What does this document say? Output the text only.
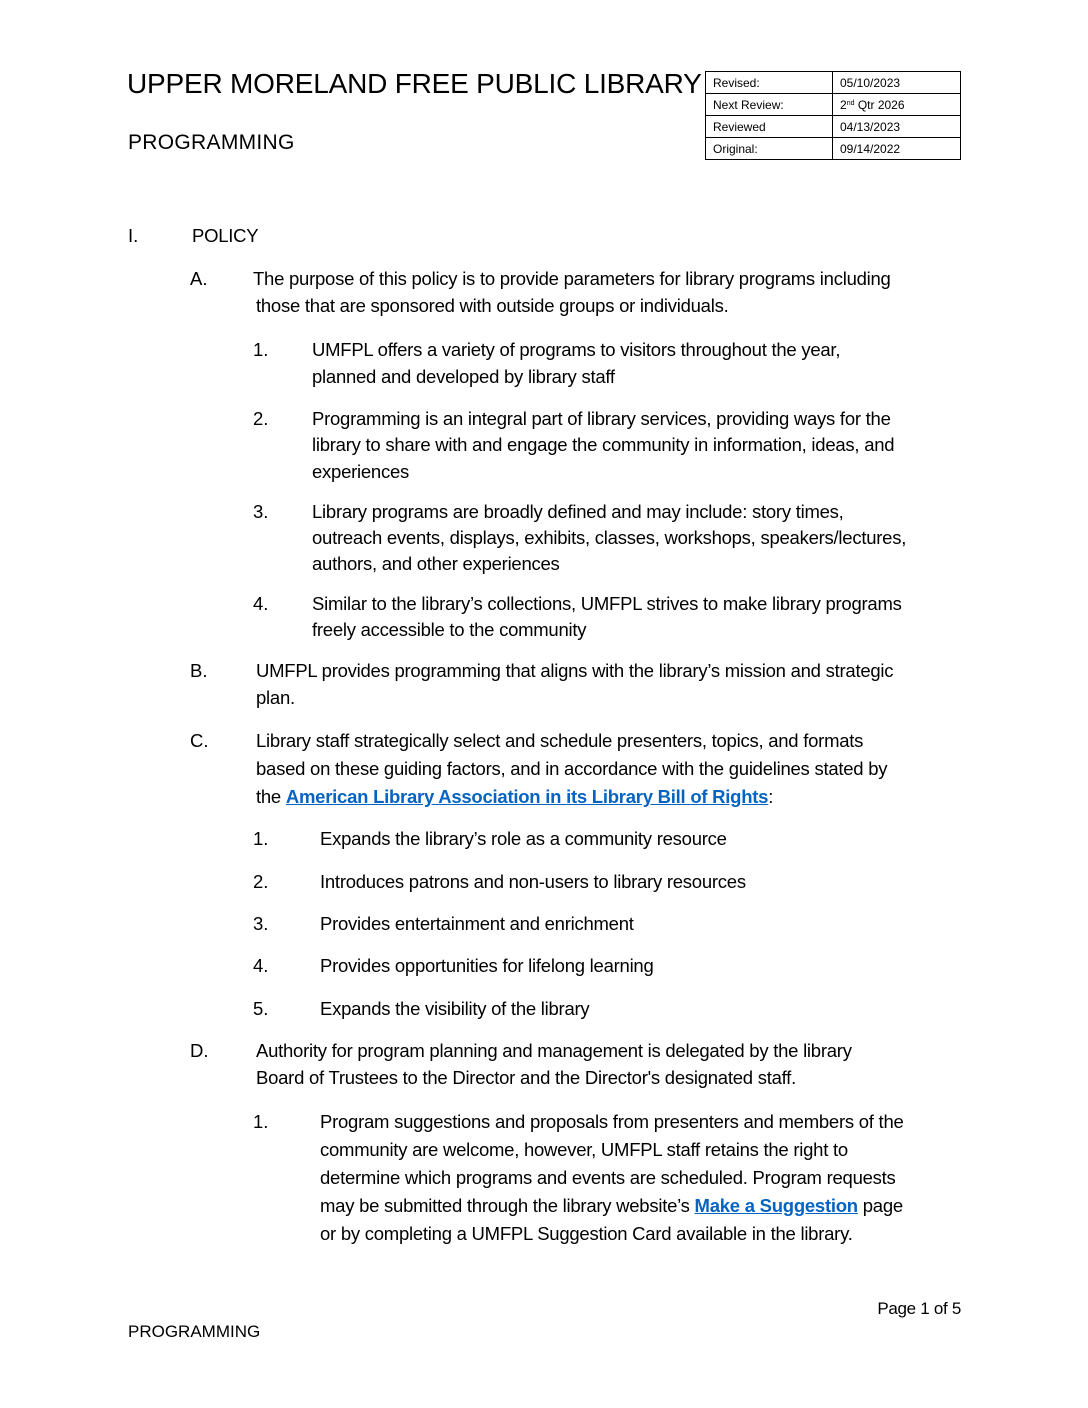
UPPER MORELAND FREE PUBLIC LIBRARY
PROGRAMMING
Revised:	05/10/2023
Next Review:	2nd Qtr 2026
Reviewed	04/13/2023
Original:	09/14/2022
I.	POLICY
A. The purpose of this policy is to provide parameters for library programs including
those that are sponsored with outside groups or individuals.
1. UMFPL offers a variety of programs to visitors throughout the year,
planned and developed by library staff
2. Programming is an integral part of library services, providing ways for the
library to share with and engage the community in information, ideas, and
experiences
3. Library programs are broadly defined and may include: story times,
outreach events, displays, exhibits, classes, workshops, speakers/lectures,
authors, and other experiences
4. Similar to the library’s collections, UMFPL strives to make library programs
freely accessible to the community
B.	UMFPL provides programming that aligns with the library’s mission and strategic
plan.
C.	Library staff strategically select and schedule presenters, topics, and formats
based on these guiding factors, and in accordance with the guidelines stated by
the American Library Association in its Library Bill of Rights:
1.	Expands the library’s role as a community resource
2.	Introduces patrons and non-users to library resources
3.	Provides entertainment and enrichment
4.	Provides opportunities for lifelong learning
5.	Expands the visibility of the library
D.	Authority for program planning and management is delegated by the library
Board of Trustees to the Director and the Director's designated staff.
1.	Program suggestions and proposals from presenters and members of the
community are welcome, however, UMFPL staff retains the right to
determine which programs and events are scheduled. Program requests
may be submitted through the library website’s Make a Suggestion page
or by completing a UMFPL Suggestion Card available in the library.
Page 1 of 5
PROGRAMMING
